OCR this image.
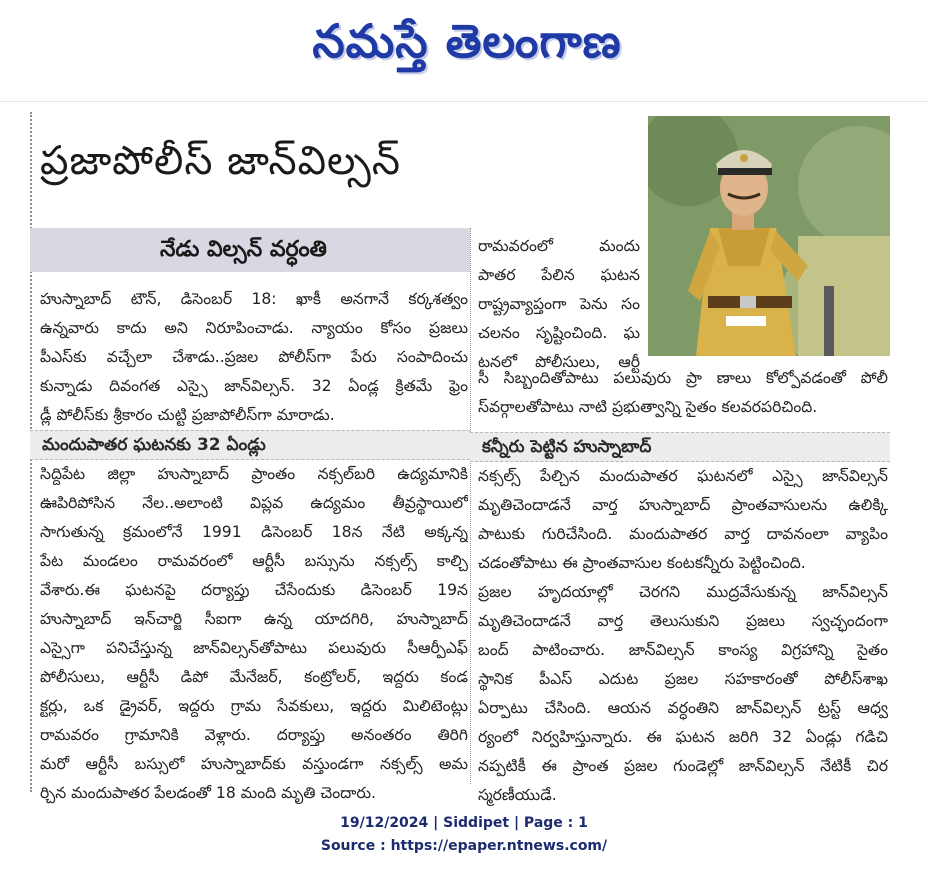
నమస్తే తెలంగాణ
ప్రజాపోలీస్ జాన్‌విల్సన్
నేడు విల్సన్ వర్ధంతి
హుస్నాబాద్ టౌన్, డిసెంబర్ 18: ఖాకీ అనగానే కర్కశత్వం
ఉన్నవారు కాదు అని నిరూపించాడు. న్యాయం కోసం ప్రజలు
పీఎస్‌కు వచ్చేలా చేశాడు..ప్రజల పోలీస్‌గా పేరు సంపాదించు
కున్నాడు దివంగత ఎస్సై జాన్‌విల్సన్. 32 ఏండ్ల క్రితమే ఫ్రెం
డ్లీ పోలీస్‌కు శ్రీకారం చుట్టి ప్రజాపోలీస్‌గా మారాడు.
రామవరంలో మందు
పాతర పేలిన ఘటన
రాష్ట్రవ్యాప్తంగా పెను సం
చలనం సృష్టించింది. ఘ
టనలో పోలీసులు, ఆర్టీ
సీ సిబ్బందితోపాటు పలువురు ప్రా ణాలు కోల్పోవడంతో పోలీ
స్‌వర్గాలతోపాటు నాటి ప్రభుత్వాన్ని సైతం కలవరపరిచింది.
మందుపాతర ఘటనకు 32 ఏండ్లు	కన్నీరు పెట్టిన హుస్నాబాద్
సిద్దిపేట జిల్లా హుస్నాబాద్ ప్రాంతం నక్సల్‌బరి ఉద్యమానికి
ఊపిరిపోసిన నేల..అలాంటి విప్లవ ఉద్యమం తీవ్రస్థాయిలో
సాగుతున్న క్రమంలోనే 1991 డిసెంబర్ 18న నేటి అక్కన్న
పేట మండలం రామవరంలో ఆర్టీసీ బస్సును నక్సల్స్ కాల్చి
వేశారు.ఈ ఘటనపై దర్యాప్తు చేసేందుకు డిసెంబర్ 19న
హుస్నాబాద్ ఇన్‌చార్జి సీఐగా ఉన్న యాదగిరి, హుస్నాబాద్
ఎస్సైగా పనిచేస్తున్న జాన్‌విల్సన్‌తోపాటు పలువురు సీఆర్పీఎఫ్
పోలీసులు, ఆర్టీసీ డిపో మేనేజర్, కంట్రోలర్, ఇద్దరు కండ
క్టర్లు, ఒక డ్రైవర్, ఇద్దరు గ్రామ సేవకులు, ఇద్దరు మిలిటెంట్లు
రామవరం గ్రామానికి వెళ్లారు. దర్యాప్తు అనంతరం తిరిగి
మరో ఆర్టీసీ బస్సులో హుస్నాబాద్‌కు వస్తుండగా నక్సల్స్ అమ
ర్చిన మందుపాతర పేలడంతో 18 మంది మృతి చెందారు.
నక్సల్స్ పేల్చిన మందుపాతర ఘటనలో ఎస్సై జాన్‌విల్సన్
మృతిచెందాడనే వార్త హుస్నాబాద్ ప్రాంతవాసులను ఉలిక్కి
పాటుకు గురిచేసింది. మందుపాతర వార్త దావనంలా వ్యాపిం
చడంతోపాటు ఈ ప్రాంతవాసుల కంటకన్నీరు పెట్టించింది.
ప్రజల హృదయాల్లో చెరగని ముద్రవేసుకున్న జాన్‌విల్సన్
మృతిచెందాడనే వార్త తెలుసుకుని ప్రజలు స్వచ్ఛందంగా
బంద్ పాటించారు. జాన్‌విల్సన్ కాంస్య విగ్రహాన్ని సైతం
స్థానిక పీఎస్ ఎదుట ప్రజల సహకారంతో పోలీస్‌శాఖ
ఏర్పాటు చేసింది. ఆయన వర్ధంతిని జాన్‌విల్సన్ ట్రస్ట్ ఆధ్వ
ర్యంలో నిర్వహిస్తున్నారు. ఈ ఘటన జరిగి 32 ఏండ్లు గడిచి
నప్పటికీ ఈ ప్రాంత ప్రజల గుండెల్లో జాన్‌విల్సన్ నేటికీ చిర
స్మరణీయుడే.
19/12/2024 | Siddipet | Page : 1
Source : https://epaper.ntnews.com/
